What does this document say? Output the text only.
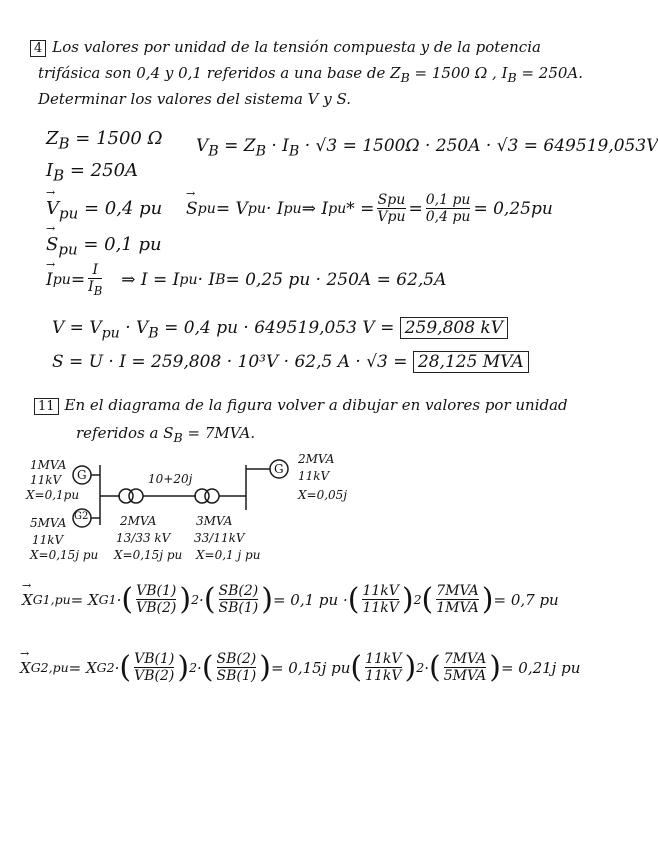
4 Los valores por unidad de la tensión compuesta y de la potencia
trifásica son 0,4 y 0,1 referidos a una base de $Z_B = 1500$ Ω , $I_B = 250A$.
Determinar los valores del sistema V y S.
$Z_B = 1500$ Ω
$I_B = 250A$
$V_B = Z_B \cdot I_B \cdot √3 = 1500\Omega \cdot 250A \cdot √3 = 649519,053V$
→ $V_{pu} = 0,4$ pu
→ $S_{pu} = 0,1$ pu
→ S pu = V pu · I pu ⇒ I pu * = $\frac{\text{Spu}}{\text{Vpu}} = \frac{0,1 pu}{0,4 pu} = 0,25pu$
→ I pu = $\frac{I}{I_B}$ ⇒ I = I pu · I B = 0,25 pu · 250A = 62,5A
$V = V_{pu} \cdot V_B = 0,4$ pu · 649519,053 V = 259,808 kV
S = U · I = 259,808 · 10³V · 62,5 A · √3 = 28,125 MVA
11 En el diagrama de la figura volver a dibujar en valores por unidad
referidos a $S_B = 7MVA$.
G
G2
G
1MVA
11kV
X=0,1pu
5MVA
11kV
X=0,15j pu
10+20j
2MVA
13/33 kV
X=0,15j pu
3MVA
33/11kV
X=0,1 j pu
2MVA
11kV
X=0,05j
→ X G1,pu = X G1 · ( $\frac{VB(1)}{VB(2)}$ ) 2 · ( $\frac{SB(2)}{SB(1)}$ ) = 0,1 pu · ( $\frac{11kV}{11kV}$ ) 2 ( $\frac{\text{7MVA}}{\text{1MVA}}$ ) = 0,7 pu
→ X G2,pu = X G2 · ( $\frac{VB(1)}{VB(2)}$ ) 2 · ( $\frac{SB(2)}{SB(1)}$ ) = 0,15j pu ( $\frac{11kV}{11kV}$ ) 2 · ( $\frac{\text{7MVA}}{\text{5MVA}}$ ) = 0,21j pu
